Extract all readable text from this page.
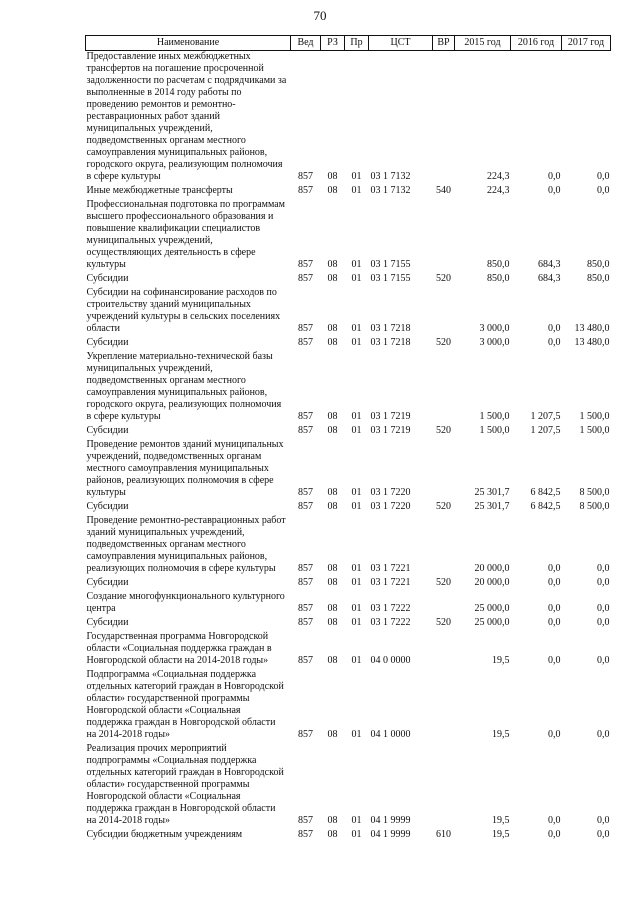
70
Наименование	Вед	РЗ	Пр	ЦСТ	ВР	2015 год	2016 год	2017 год
Предоставление иных межбюджетных трансфертов на погашение просроченной задолженности по расчетам с подрядчиками за выполненные в 2014 году работы по проведению ремонтов и ремонтно-реставрационных работ зданий муниципальных учреждений, подведомственных органам местного самоуправления муниципальных районов, городского округа, реализующим полномочия в сфере культуры	857	08	01	03 1 7132		224,3	0,0	0,0
Иные межбюджетные трансферты	857	08	01	03 1 7132	540	224,3	0,0	0,0
Профессиональная подготовка по программам высшего профессионального образования и повышение квалификации специалистов муниципальных учреждений, осуществляющих деятельность в сфере культуры	857	08	01	03 1 7155		850,0	684,3	850,0
Субсидии	857	08	01	03 1 7155	520	850,0	684,3	850,0
Субсидии на софинансирование расходов по строительству зданий муниципальных учреждений культуры в сельских поселениях области	857	08	01	03 1 7218		3 000,0	0,0	13 480,0
Субсидии	857	08	01	03 1 7218	520	3 000,0	0,0	13 480,0
Укрепление материально-технической базы муниципальных учреждений, подведомственных органам местного самоуправления муниципальных районов, городского округа, реализующих полномочия в сфере культуры	857	08	01	03 1 7219		1 500,0	1 207,5	1 500,0
Субсидии	857	08	01	03 1 7219	520	1 500,0	1 207,5	1 500,0
Проведение ремонтов зданий муниципальных учреждений, подведомственных органам местного самоуправления муниципальных районов, реализующих полномочия в сфере культуры	857	08	01	03 1 7220		25 301,7	6 842,5	8 500,0
Субсидии	857	08	01	03 1 7220	520	25 301,7	6 842,5	8 500,0
Проведение ремонтно-реставрационных работ зданий муниципальных учреждений, подведомственных органам местного самоуправления муниципальных районов, реализующих полномочия в сфере культуры	857	08	01	03 1 7221		20 000,0	0,0	0,0
Субсидии	857	08	01	03 1 7221	520	20 000,0	0,0	0,0
Создание многофункционального культурного центра	857	08	01	03 1 7222		25 000,0	0,0	0,0
Субсидии	857	08	01	03 1 7222	520	25 000,0	0,0	0,0
Государственная программа Новгородской области «Социальная поддержка граждан в Новгородской области на 2014-2018 годы»	857	08	01	04 0 0000		19,5	0,0	0,0
Подпрограмма «Социальная поддержка отдельных категорий граждан в Новгородской области» государственной программы Новгородской области «Социальная поддержка граждан в Новгородской области на 2014-2018 годы»	857	08	01	04 1 0000		19,5	0,0	0,0
Реализация прочих мероприятий подпрограммы «Социальная поддержка отдельных категорий граждан в Новгородской области» государственной программы Новгородской области «Социальная поддержка граждан в Новгородской области на 2014-2018 годы»	857	08	01	04 1 9999		19,5	0,0	0,0
Субсидии бюджетным учреждениям	857	08	01	04 1 9999	610	19,5	0,0	0,0
